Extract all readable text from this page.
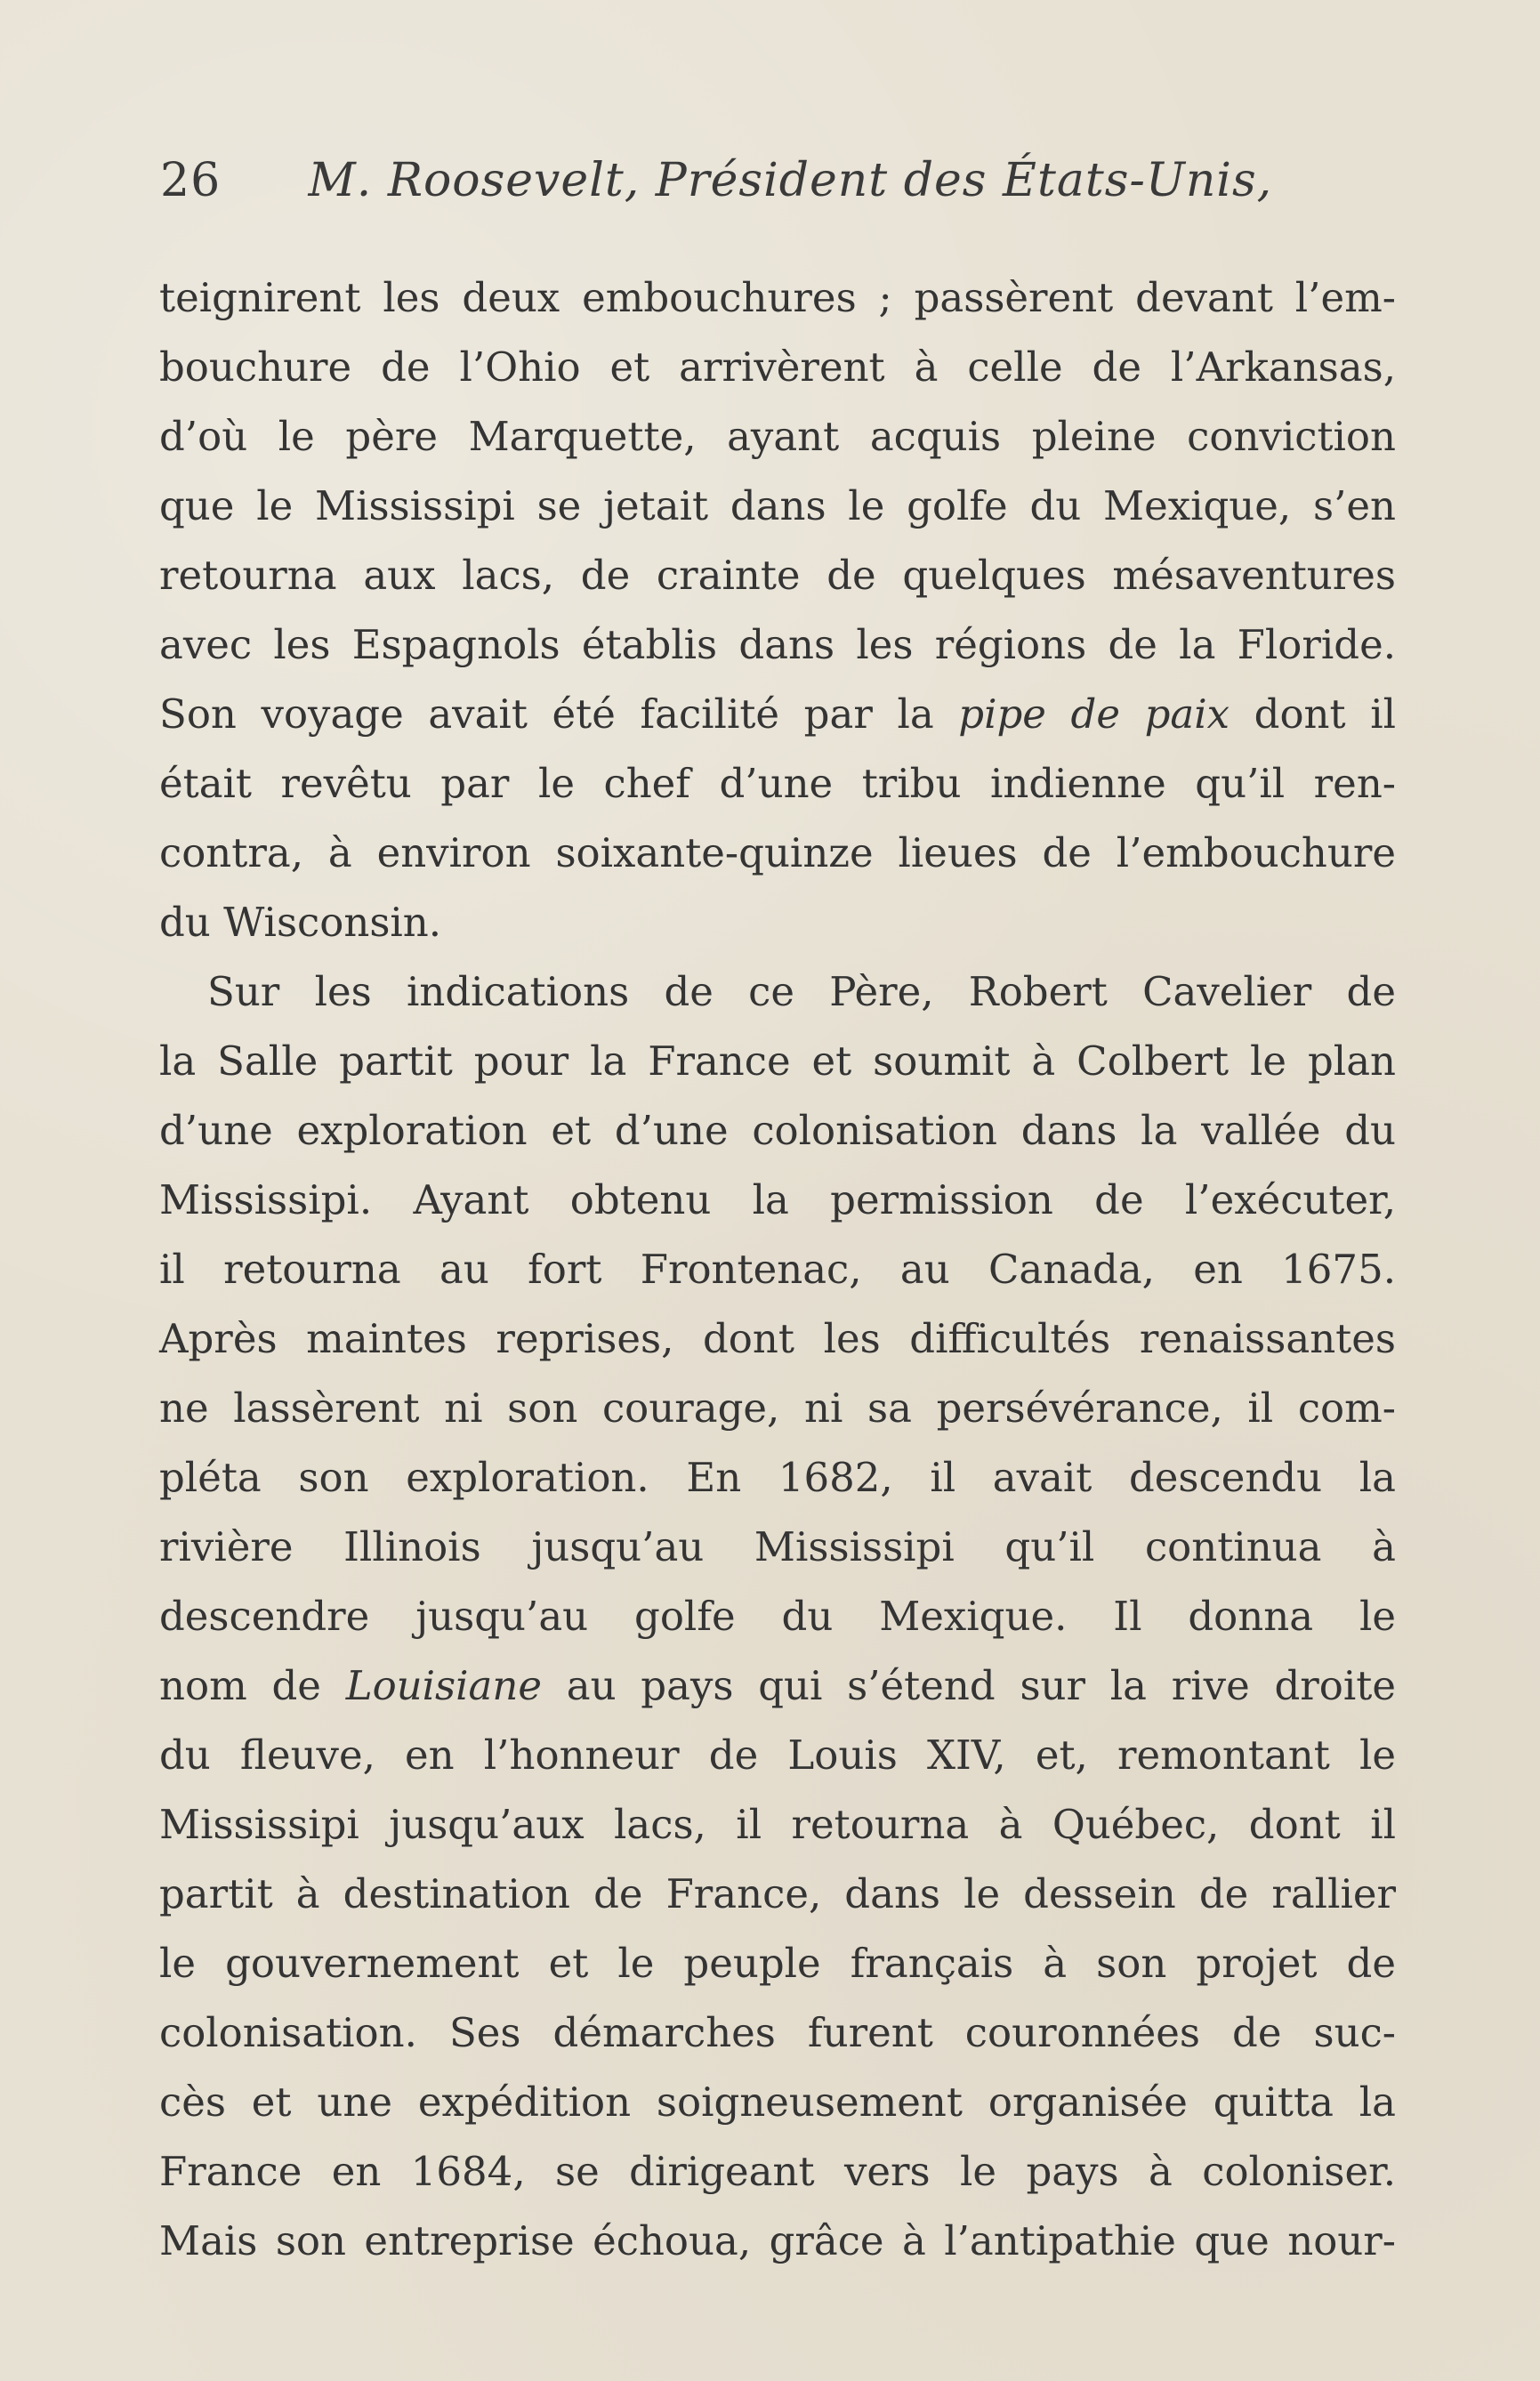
26 M. Roosevelt, Président des États-Unis,
teignirent les deux embouchures ; passèrent devant l’em-
bouchure de l’Ohio et arrivèrent à celle de l’Arkansas,
d’où le père Marquette, ayant acquis pleine conviction
que le Mississipi se jetait dans le golfe du Mexique, s’en
retourna aux lacs, de crainte de quelques mésaventures
avec les Espagnols établis dans les régions de la Floride.
Son voyage avait été facilité par la pipe de paix dont il
était revêtu par le chef d’une tribu indienne qu’il ren-
contra, à environ soixante-quinze lieues de l’embouchure
du Wisconsin.
Sur les indications de ce Père, Robert Cavelier de
la Salle partit pour la France et soumit à Colbert le plan
d’une exploration et d’une colonisation dans la vallée du
Mississipi. Ayant obtenu la permission de l’exécuter,
il retourna au fort Frontenac, au Canada, en 1675.
Après maintes reprises, dont les difficultés renaissantes
ne lassèrent ni son courage, ni sa persévérance, il com-
pléta son exploration. En 1682, il avait descendu la
rivière Illinois jusqu’au Mississipi qu’il continua à
descendre jusqu’au golfe du Mexique. Il donna le
nom de Louisiane au pays qui s’étend sur la rive droite
du fleuve, en l’honneur de Louis XIV, et, remontant le
Mississipi jusqu’aux lacs, il retourna à Québec, dont il
partit à destination de France, dans le dessein de rallier
le gouvernement et le peuple français à son projet de
colonisation. Ses démarches furent couronnées de suc-
cès et une expédition soigneusement organisée quitta la
France en 1684, se dirigeant vers le pays à coloniser.
Mais son entreprise échoua, grâce à l’antipathie que nour-
